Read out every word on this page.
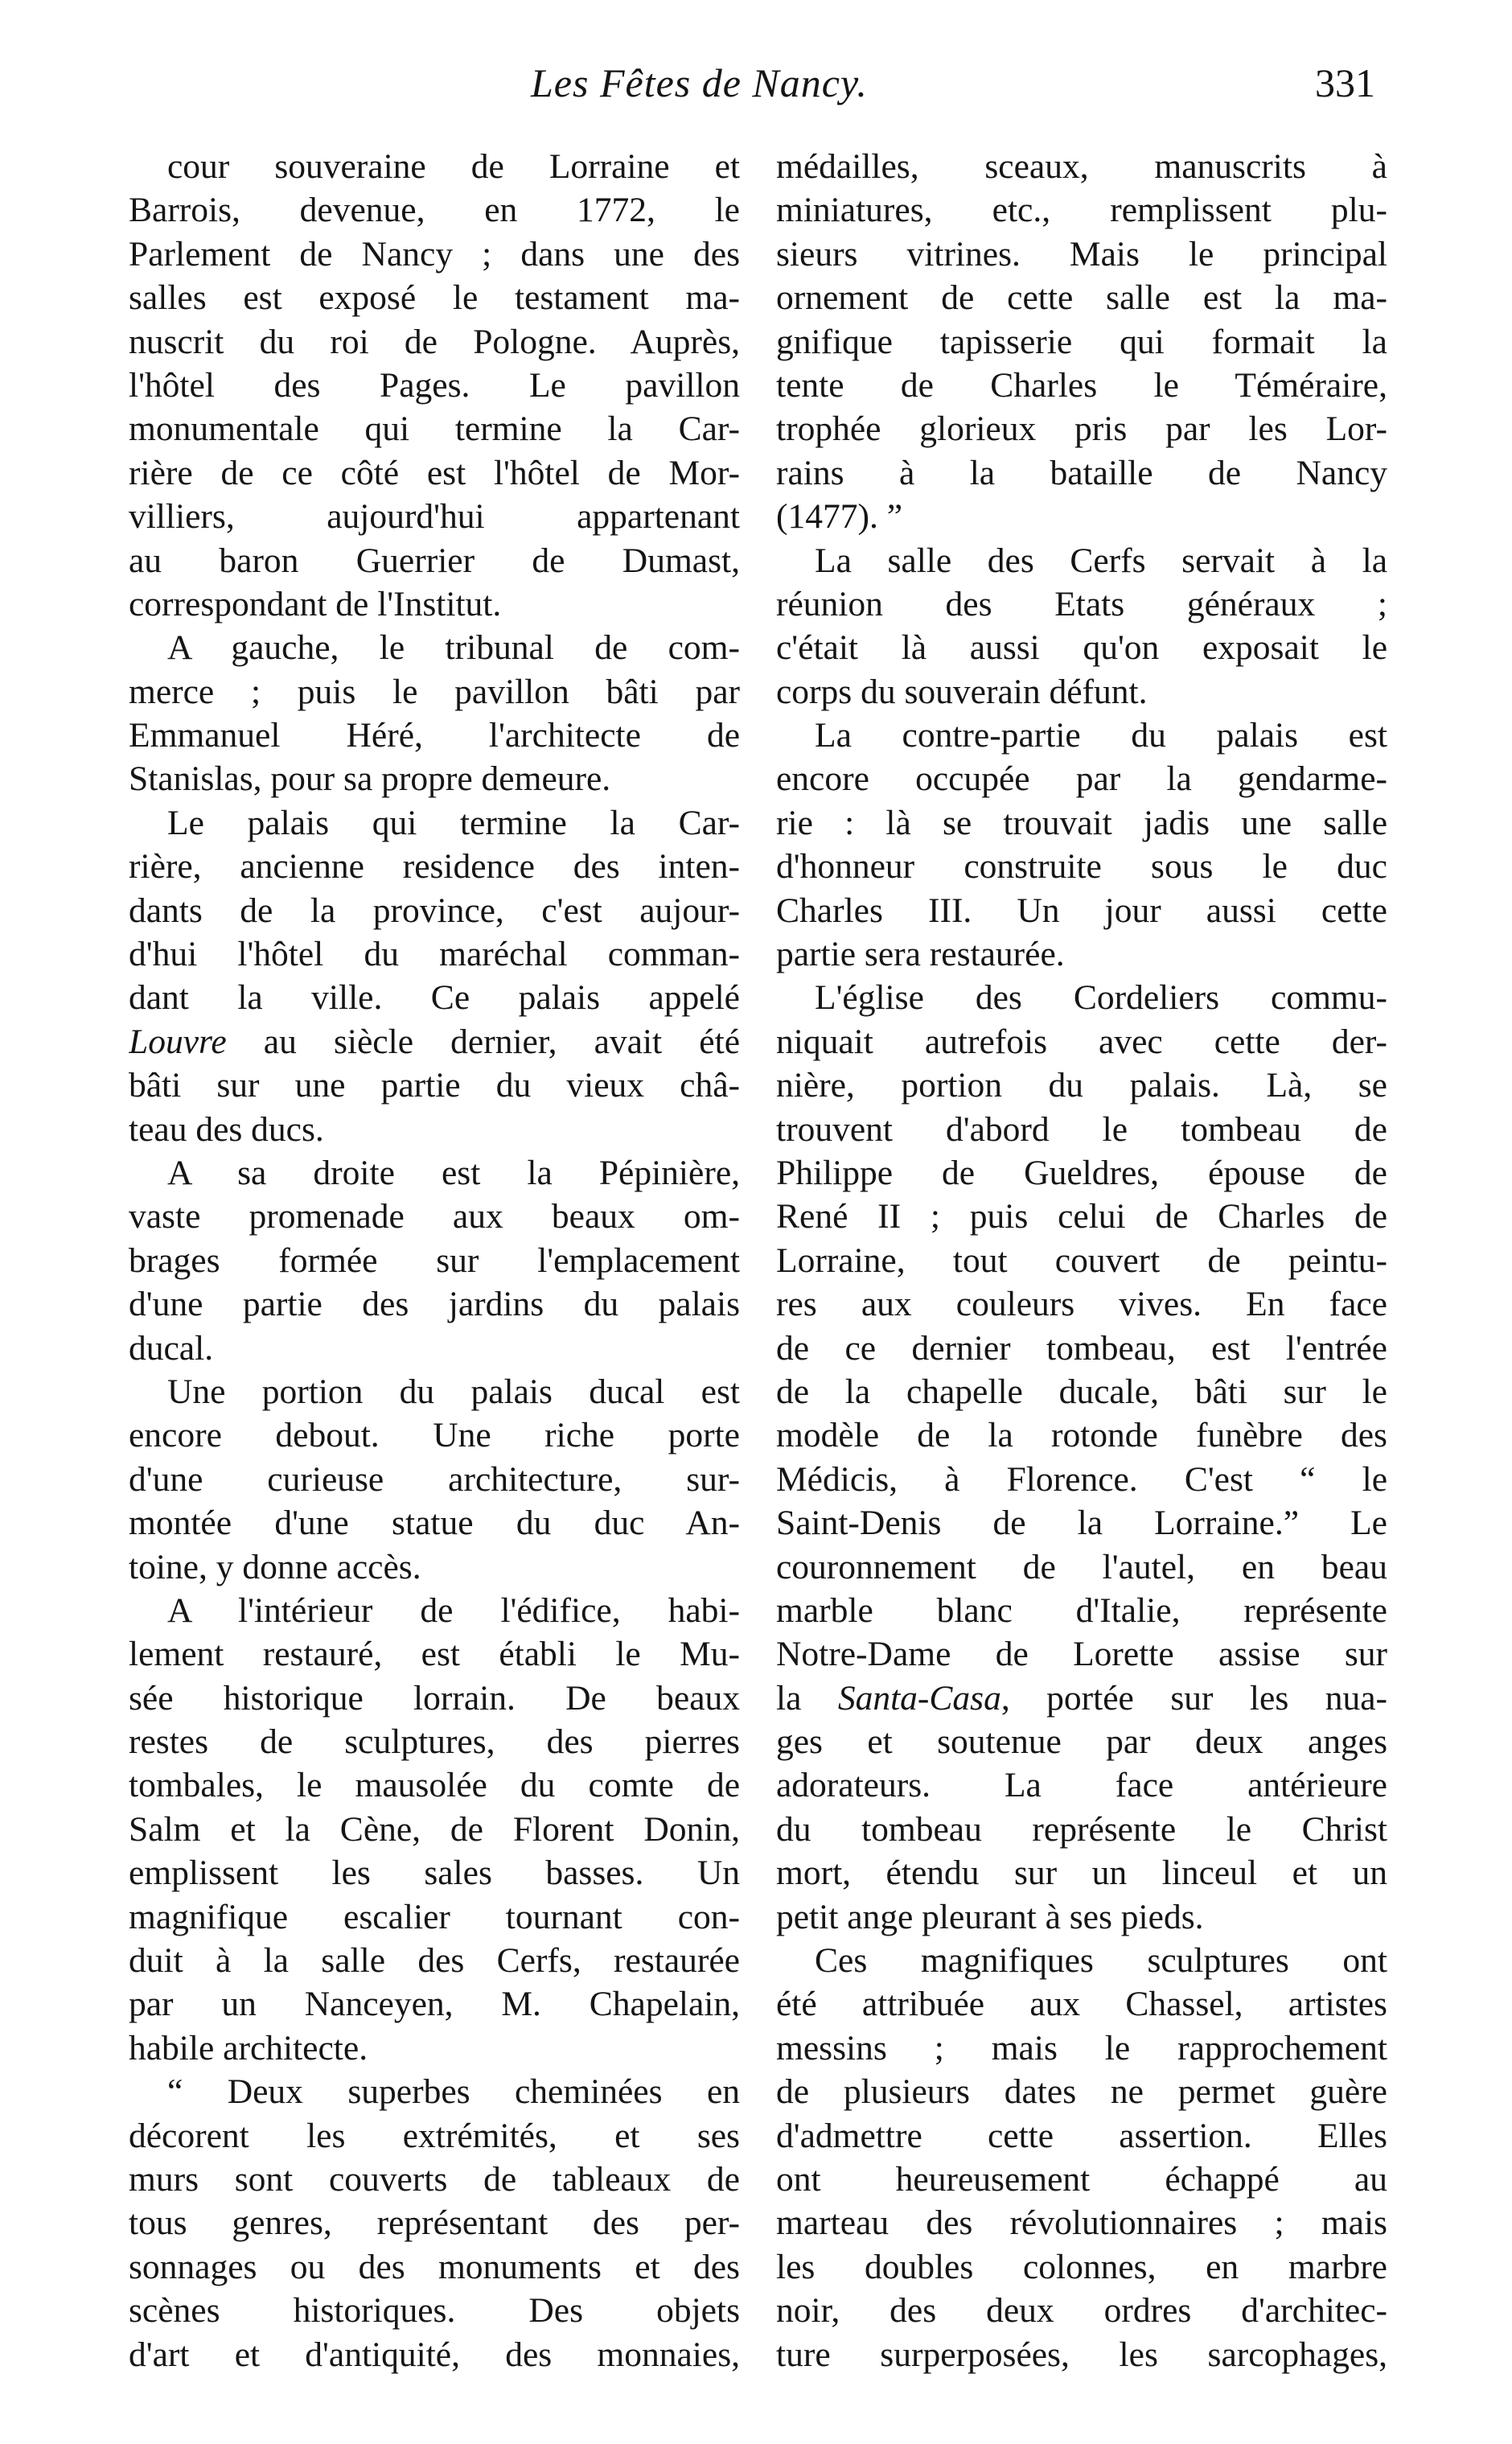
Les Fêtes de Nancy.	331
cour souveraine de Lorraine et
Barrois, devenue, en 1772, le
Parlement de Nancy ; dans une des
salles est exposé le testament ma-
nuscrit du roi de Pologne. Auprès,
l'hôtel des Pages. Le pavillon
monumentale qui termine la Car-
rière de ce côté est l'hôtel de Mor-
villiers, aujourd'hui appartenant
au baron Guerrier de Dumast,
correspondant de l'Institut.
A gauche, le tribunal de com-
merce ; puis le pavillon bâti par
Emmanuel Héré, l'architecte de
Stanislas, pour sa propre demeure.
Le palais qui termine la Car-
rière, ancienne residence des inten-
dants de la province, c'est aujour-
d'hui l'hôtel du maréchal comman-
dant la ville. Ce palais appelé
Louvre au siècle dernier, avait été
bâti sur une partie du vieux châ-
teau des ducs.
A sa droite est la Pépinière,
vaste promenade aux beaux om-
brages formée sur l'emplacement
d'une partie des jardins du palais
ducal.
Une portion du palais ducal est
encore debout. Une riche porte
d'une curieuse architecture, sur-
montée d'une statue du duc An-
toine, y donne accès.
A l'intérieur de l'édifice, habi-
lement restauré, est établi le Mu-
sée historique lorrain. De beaux
restes de sculptures, des pierres
tombales, le mausolée du comte de
Salm et la Cène, de Florent Donin,
emplissent les sales basses. Un
magnifique escalier tournant con-
duit à la salle des Cerfs, restaurée
par un Nanceyen, M. Chapelain,
habile architecte.
“ Deux superbes cheminées en
décorent les extrémités, et ses
murs sont couverts de tableaux de
tous genres, représentant des per-
sonnages ou des monuments et des
scènes historiques. Des objets
d'art et d'antiquité, des monnaies,
médailles, sceaux, manuscrits à
miniatures, etc., remplissent plu-
sieurs vitrines. Mais le principal
ornement de cette salle est la ma-
gnifique tapisserie qui formait la
tente de Charles le Téméraire,
trophée glorieux pris par les Lor-
rains à la bataille de Nancy
(1477). ”
La salle des Cerfs servait à la
réunion des Etats généraux ;
c'était là aussi qu'on exposait le
corps du souverain défunt.
La contre-partie du palais est
encore occupée par la gendarme-
rie : là se trouvait jadis une salle
d'honneur construite sous le duc
Charles III. Un jour aussi cette
partie sera restaurée.
L'église des Cordeliers commu-
niquait autrefois avec cette der-
nière, portion du palais. Là, se
trouvent d'abord le tombeau de
Philippe de Gueldres, épouse de
René II ; puis celui de Charles de
Lorraine, tout couvert de peintu-
res aux couleurs vives. En face
de ce dernier tombeau, est l'entrée
de la chapelle ducale, bâti sur le
modèle de la rotonde funèbre des
Médicis, à Florence. C'est “ le
Saint-Denis de la Lorraine.” Le
couronnement de l'autel, en beau
marble blanc d'Italie, représente
Notre-Dame de Lorette assise sur
la Santa-Casa, portée sur les nua-
ges et soutenue par deux anges
adorateurs. La face antérieure
du tombeau représente le Christ
mort, étendu sur un linceul et un
petit ange pleurant à ses pieds.
Ces magnifiques sculptures ont
été attribuée aux Chassel, artistes
messins ; mais le rapprochement
de plusieurs dates ne permet guère
d'admettre cette assertion. Elles
ont heureusement échappé au
marteau des révolutionnaires ; mais
les doubles colonnes, en marbre
noir, des deux ordres d'architec-
ture surperposées, les sarcophages,
